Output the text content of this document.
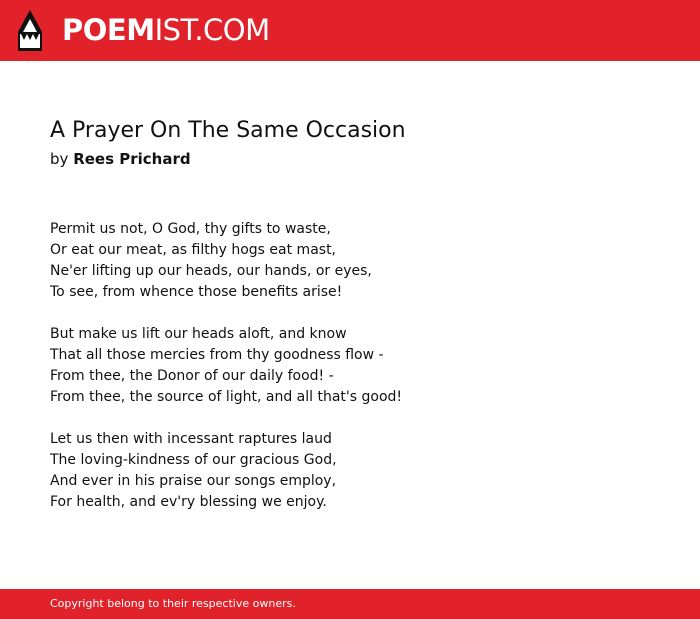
POEMIST.COM
A Prayer On The Same Occasion
by Rees Prichard

Permit us not, O God, thy gifts to waste,
Or eat our meat, as filthy hogs eat mast,
Ne'er lifting up our heads, our hands, or eyes,
To see, from whence those benefits arise!

But make us lift our heads aloft, and know
That all those mercies from thy goodness flow -
From thee, the Donor of our daily food! -
From thee, the source of light, and all that's good!

Let us then with incessant raptures laud
The loving-kindness of our gracious God,
And ever in his praise our songs employ,
For health, and ev'ry blessing we enjoy.

Copyright belong to their respective owners.
